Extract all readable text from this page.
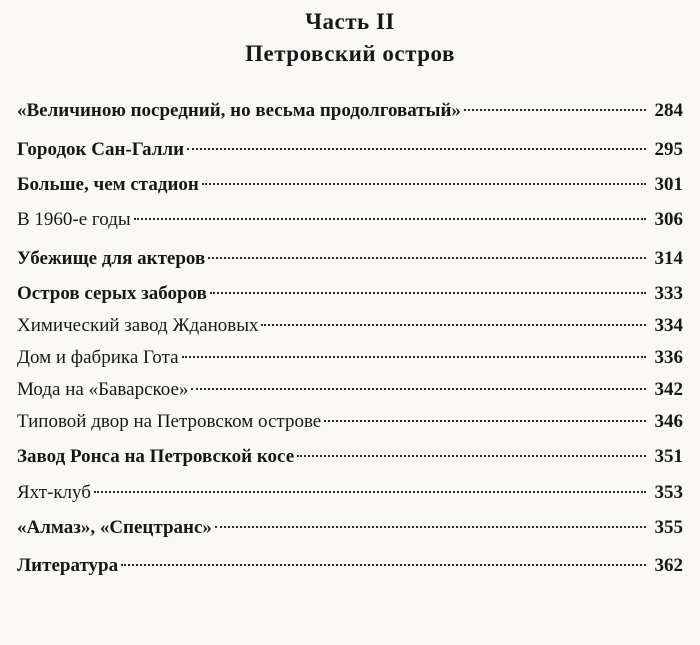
Часть II
Петровский остров
«Величиною посредний, но весьма продолговатый»	284
Городок Сан-Галли	295
Больше, чем стадион	301
В 1960-е годы	306
Убежище для актеров	314
Остров серых заборов	333
Химический завод Ждановых	334
Дом и фабрика Гота	336
Мода на «Баварское»	342
Типовой двор на Петровском острове	346
Завод Ронса на Петровской косе	351
Яхт-клуб	353
«Алмаз», «Спецтранс»	355
Литература	362
